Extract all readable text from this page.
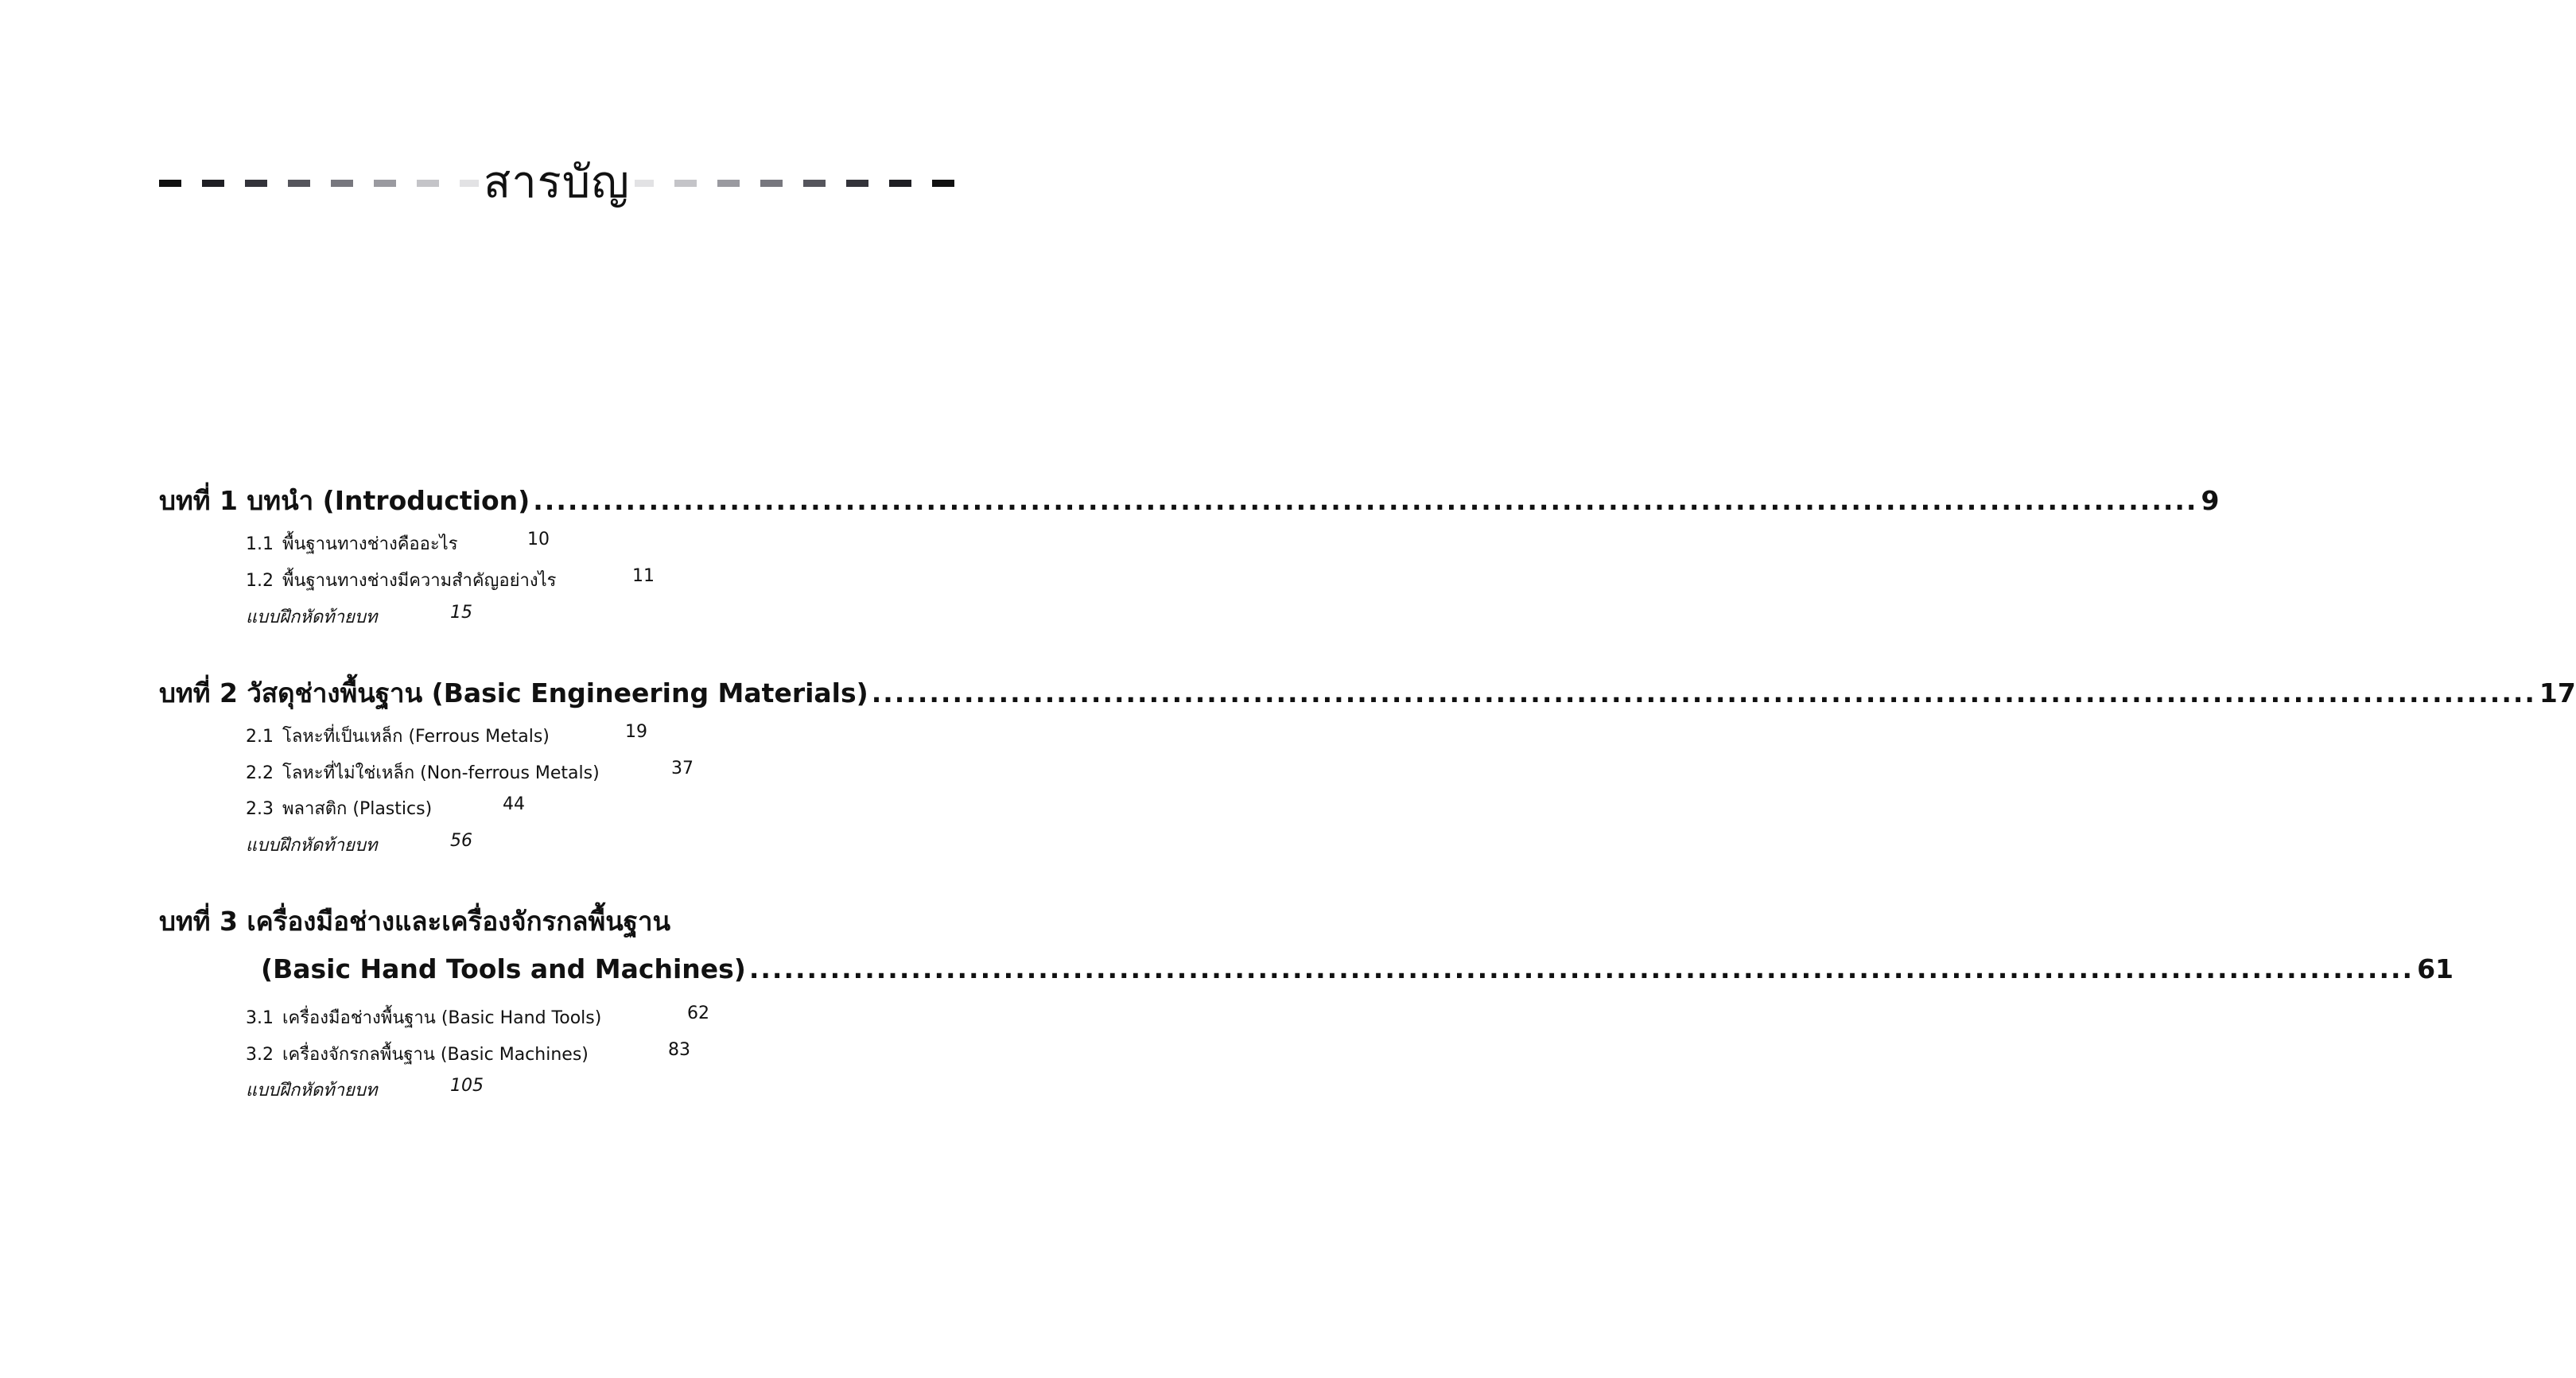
สารบัญ
บทที่ 1 บทนำ (Introduction) ................................................................................................................................................ 9
1.1 พื้นฐานทางช่างคืออะไร	10
1.2 พื้นฐานทางช่างมีความสำคัญอย่างไร	11
แบบฝึกหัดท้ายบท	15
บทที่ 2 วัสดุช่างพื้นฐาน (Basic Engineering Materials) ................................................................................................................................................ 17
2.1 โลหะที่เป็นเหล็ก (Ferrous Metals)	19
2.2 โลหะที่ไม่ใช่เหล็ก (Non-ferrous Metals)	37
2.3 พลาสติก (Plastics)	44
แบบฝึกหัดท้ายบท	56
บทที่ 3 เครื่องมือช่างและเครื่องจักรกลพื้นฐาน
(Basic Hand Tools and Machines) ................................................................................................................................................ 61
3.1 เครื่องมือช่างพื้นฐาน (Basic Hand Tools)	62
3.2 เครื่องจักรกลพื้นฐาน (Basic Machines)	83
แบบฝึกหัดท้ายบท	105
